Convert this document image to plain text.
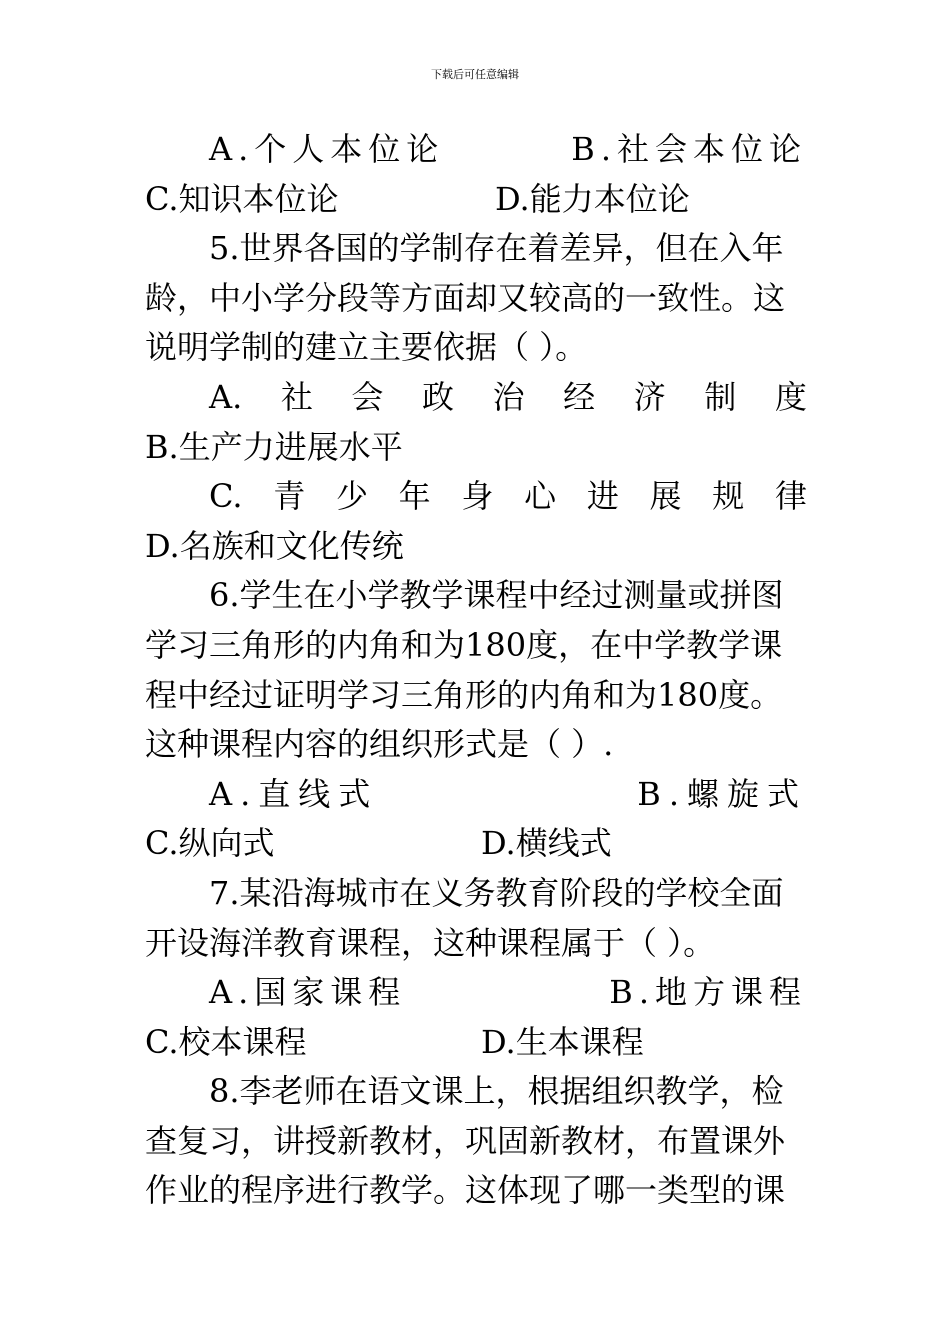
下载后可任意编辑
A.个人本位论	B.社会本位论
C.知识本位论	D.能力本位论
5.世界各国的学制存在着差异，但在入年
龄，中小学分段等方面却又较高的一致性。这
说明学制的建立主要依据（ ）。
A. 社 会 政 治 经 济 制 度
B.生产力进展水平
C. 青 少 年 身 心 进 展 规 律
D.名族和文化传统
6.学生在小学教学课程中经过测量或拼图
学习三角形的内角和为180度，在中学教学课
程中经过证明学习三角形的内角和为180度。
这种课程内容的组织形式是（ ）.
A.直线式	B.螺旋式
C.纵向式	D.横线式
7.某沿海城市在义务教育阶段的学校全面
开设海洋教育课程，这种课程属于（ ）。
A.国家课程	B.地方课程
C.校本课程	D.生本课程
8.李老师在语文课上，根据组织教学，检
查复习，讲授新教材，巩固新教材，布置课外
作业的程序进行教学。这体现了哪一类型的课
